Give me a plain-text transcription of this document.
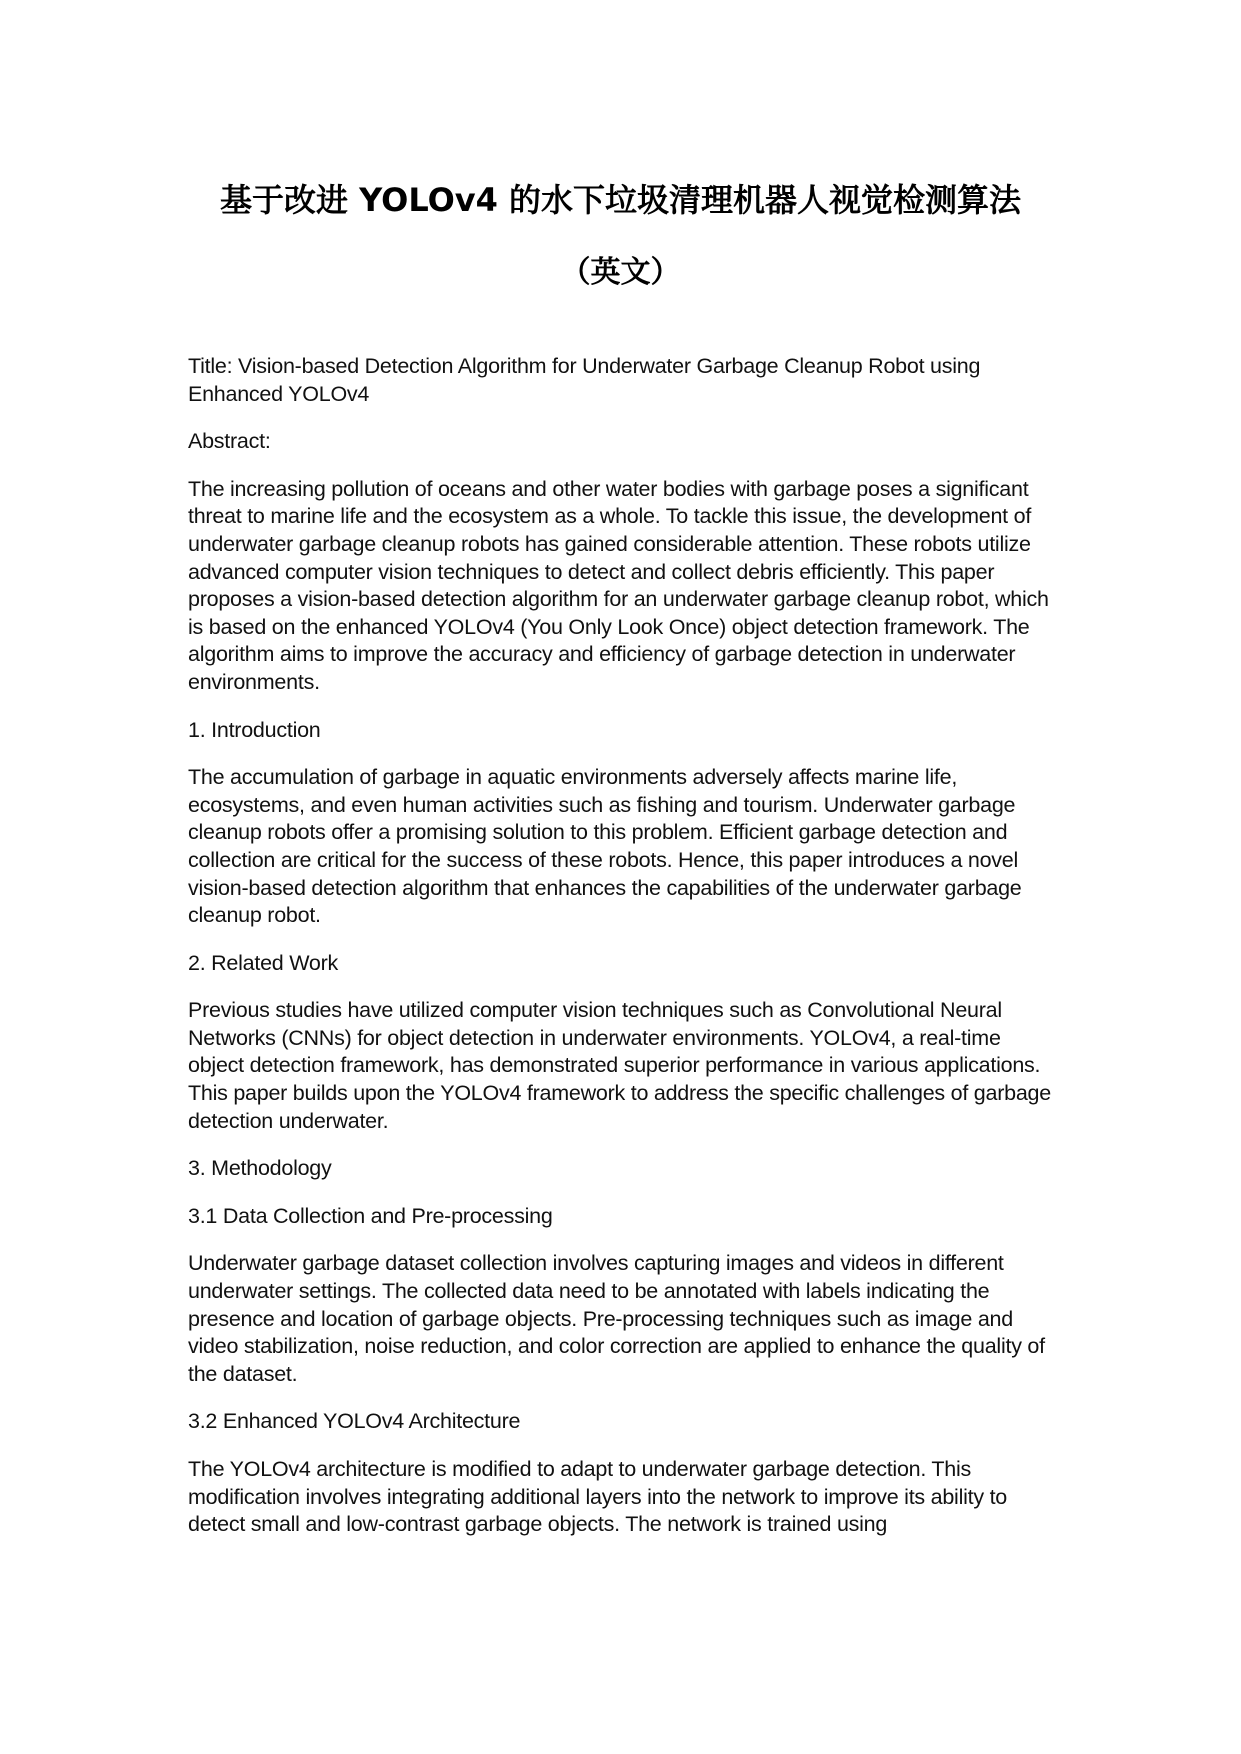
基于改进 YOLOv4 的水下垃圾清理机器人视觉检测算法
（英文）

Title: Vision-based Detection Algorithm for Underwater Garbage Cleanup Robot using Enhanced YOLOv4

Abstract:

The increasing pollution of oceans and other water bodies with garbage poses a significant threat to marine life and the ecosystem as a whole. To tackle this issue, the development of underwater garbage cleanup robots has gained considerable attention. These robots utilize advanced computer vision techniques to detect and collect debris efficiently. This paper proposes a vision-based detection algorithm for an underwater garbage cleanup robot, which is based on the enhanced YOLOv4 (You Only Look Once) object detection framework. The algorithm aims to improve the accuracy and efficiency of garbage detection in underwater environments.

1. Introduction

The accumulation of garbage in aquatic environments adversely affects marine life, ecosystems, and even human activities such as fishing and tourism. Underwater garbage cleanup robots offer a promising solution to this problem. Efficient garbage detection and collection are critical for the success of these robots. Hence, this paper introduces a novel vision-based detection algorithm that enhances the capabilities of the underwater garbage cleanup robot.

2. Related Work

Previous studies have utilized computer vision techniques such as Convolutional Neural Networks (CNNs) for object detection in underwater environments. YOLOv4, a real-time object detection framework, has demonstrated superior performance in various applications. This paper builds upon the YOLOv4 framework to address the specific challenges of garbage detection underwater.

3. Methodology

3.1 Data Collection and Pre-processing

Underwater garbage dataset collection involves capturing images and videos in different underwater settings. The collected data need to be annotated with labels indicating the presence and location of garbage objects. Pre-processing techniques such as image and video stabilization, noise reduction, and color correction are applied to enhance the quality of the dataset.

3.2 Enhanced YOLOv4 Architecture

The YOLOv4 architecture is modified to adapt to underwater garbage detection. This modification involves integrating additional layers into the network to improve its ability to detect small and low-contrast garbage objects. The network is trained using
